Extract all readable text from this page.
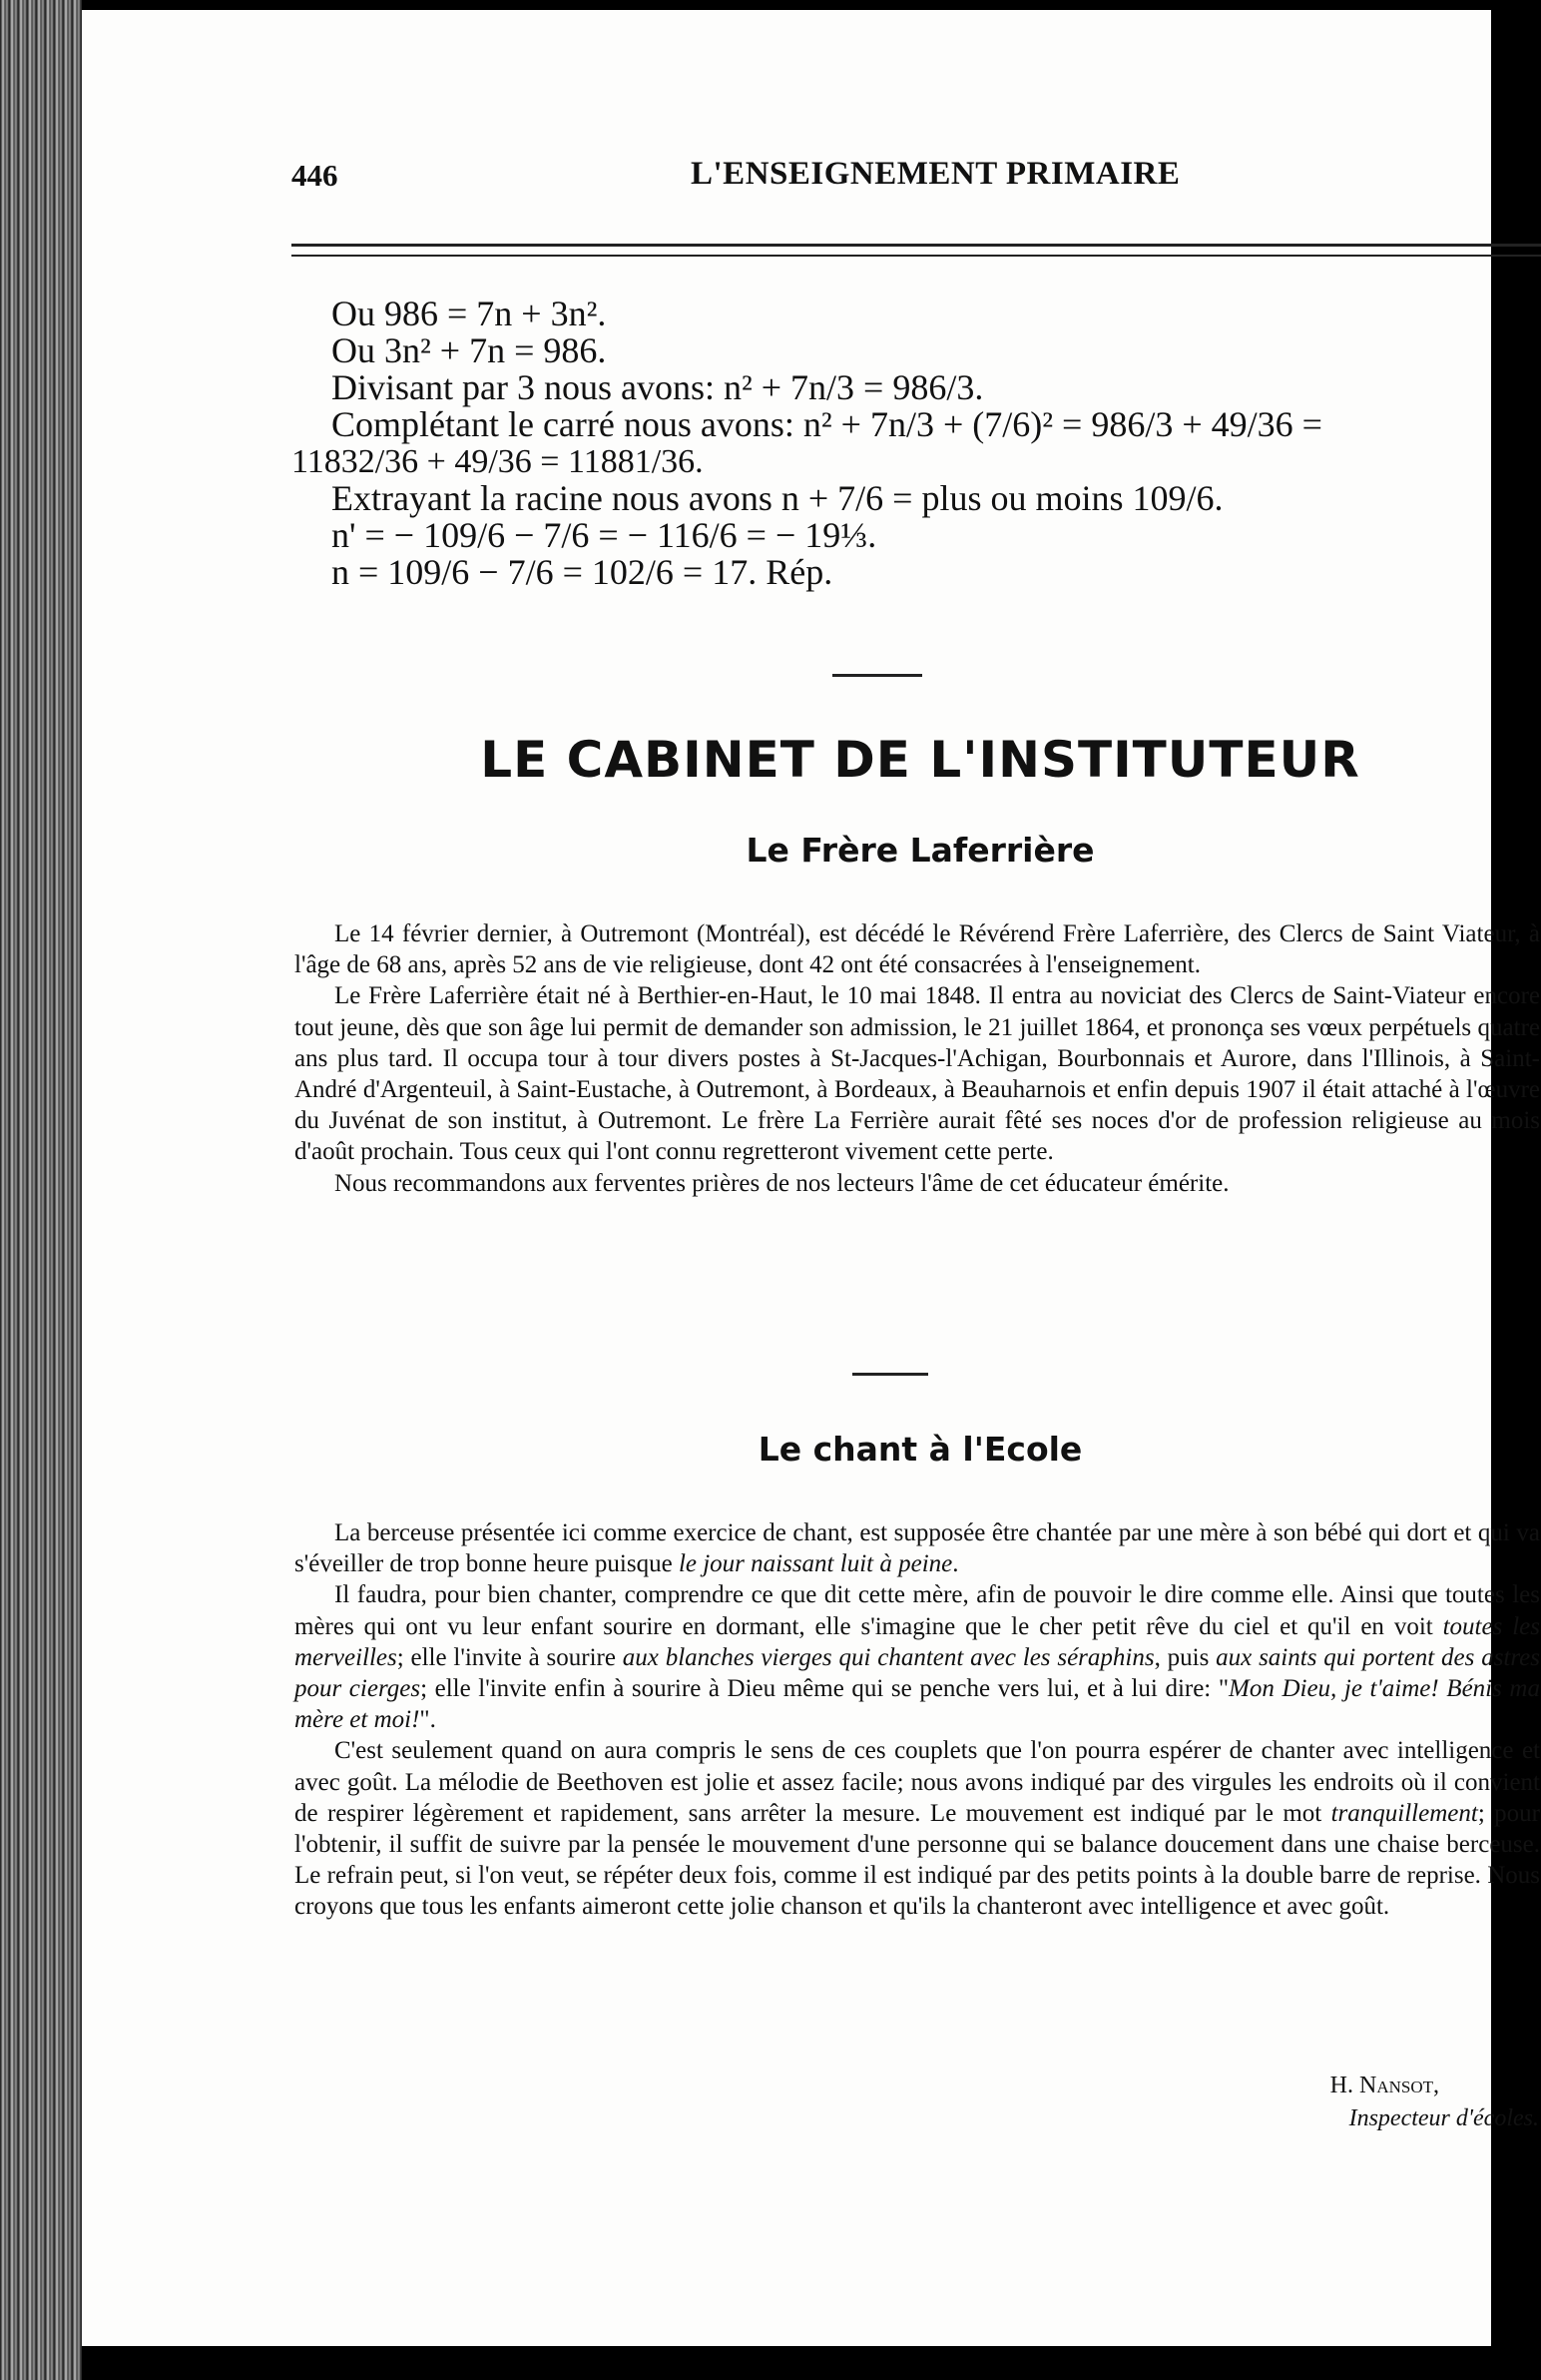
446	L'ENSEIGNEMENT PRIMAIRE
Ou 986 = 7n + 3n².
Ou 3n² + 7n = 986.
Divisant par 3 nous avons: n² + 7n/3 = 986/3.
Complétant le carré nous avons: n² + 7n/3 + (7/6)² = 986/3 + 49/36 =
11832/36 + 49/36 = 11881/36.
Extrayant la racine nous avons n + 7/6 = plus ou moins 109/6.
n' = − 109/6 − 7/6 = − 116/6 = − 19⅓.
n = 109/6 − 7/6 = 102/6 = 17. Rép.
LE CABINET DE L'INSTITUTEUR
Le Frère Laferrière

Le 14 février dernier, à Outremont (Montréal), est décédé le Révérend Frère Laferrière, des Clercs de Saint Viateur, à l'âge de 68 ans, après 52 ans de vie religieuse, dont 42 ont été consacrées à l'enseignement.

Le Frère Laferrière était né à Berthier-en-Haut, le 10 mai 1848. Il entra au noviciat des Clercs de Saint-Viateur encore tout jeune, dès que son âge lui permit de demander son admission, le 21 juillet 1864, et prononça ses vœux perpétuels quatre ans plus tard. Il occupa tour à tour divers postes à St-Jacques-l'Achigan, Bourbonnais et Aurore, dans l'Illinois, à Saint-André d'Argenteuil, à Saint-Eustache, à Outremont, à Bordeaux, à Beauharnois et enfin depuis 1907 il était attaché à l'œuvre du Juvénat de son institut, à Outremont. Le frère La Ferrière aurait fêté ses noces d'or de profession religieuse au mois d'août prochain. Tous ceux qui l'ont connu regretteront vivement cette perte.

Nous recommandons aux ferventes prières de nos lecteurs l'âme de cet éducateur émérite.

Le chant à l'Ecole

La berceuse présentée ici comme exercice de chant, est supposée être chantée par une mère à son bébé qui dort et qui va s'éveiller de trop bonne heure puisque le jour naissant luit à peine.

Il faudra, pour bien chanter, comprendre ce que dit cette mère, afin de pouvoir le dire comme elle. Ainsi que toutes les mères qui ont vu leur enfant sourire en dormant, elle s'imagine que le cher petit rêve du ciel et qu'il en voit toutes les merveilles; elle l'invite à sourire aux blanches vierges qui chantent avec les séraphins, puis aux saints qui portent des astres pour cierges; elle l'invite enfin à sourire à Dieu même qui se penche vers lui, et à lui dire: "Mon Dieu, je t'aime! Bénis ma mère et moi!".

C'est seulement quand on aura compris le sens de ces couplets que l'on pourra espérer de chanter avec intelligence et avec goût. La mélodie de Beethoven est jolie et assez facile; nous avons indiqué par des virgules les endroits où il convient de respirer légèrement et rapidement, sans arrêter la mesure. Le mouvement est indiqué par le mot tranquillement; pour l'obtenir, il suffit de suivre par la pensée le mouvement d'une personne qui se balance doucement dans une chaise berceuse. Le refrain peut, si l'on veut, se répéter deux fois, comme il est indiqué par des petits points à la double barre de reprise. Nous croyons que tous les enfants aimeront cette jolie chanson et qu'ils la chanteront avec intelligence et avec goût.

H. Nansot,
Inspecteur d'écoles.
